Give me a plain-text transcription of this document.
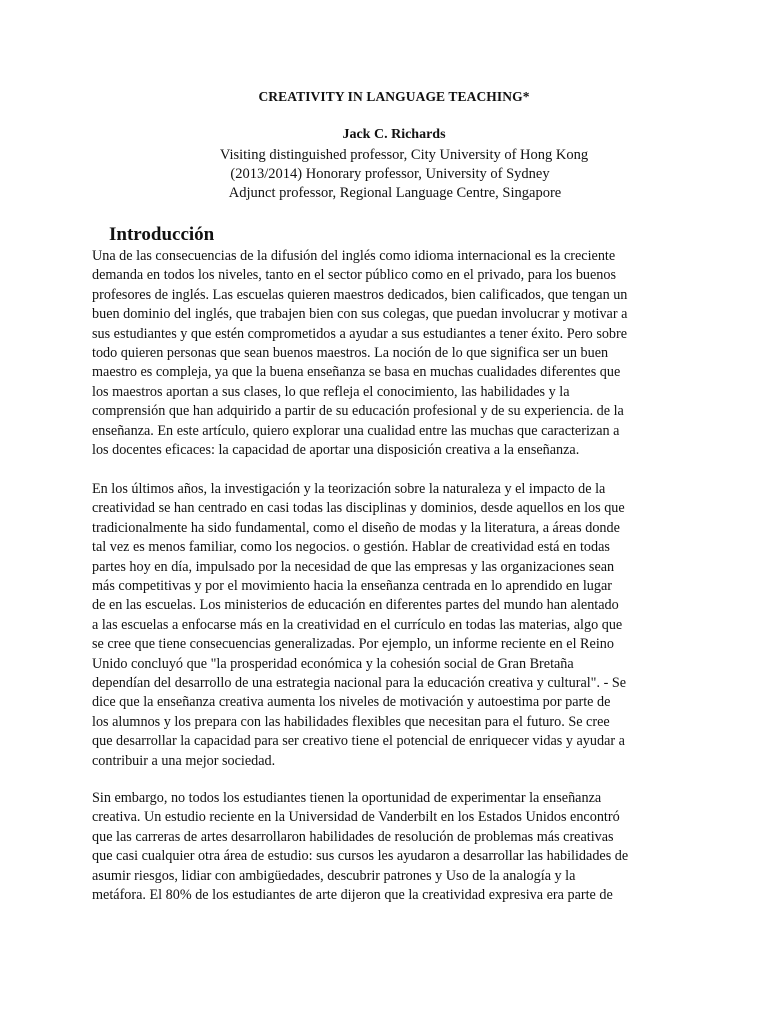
CREATIVITY IN LANGUAGE TEACHING*
Jack C. Richards
Visiting distinguished professor, City University of Hong Kong
(2013/2014) Honorary professor, University of Sydney
Adjunct professor, Regional Language Centre, Singapore
Introducción
Una de las consecuencias de la difusión del inglés como idioma internacional es la creciente
demanda en todos los niveles, tanto en el sector público como en el privado, para los buenos
profesores de inglés. Las escuelas quieren maestros dedicados, bien calificados, que tengan un
buen dominio del inglés, que trabajen bien con sus colegas, que puedan involucrar y motivar a
sus estudiantes y que estén comprometidos a ayudar a sus estudiantes a tener éxito. Pero sobre
todo quieren personas que sean buenos maestros. La noción de lo que significa ser un buen
maestro es compleja, ya que la buena enseñanza se basa en muchas cualidades diferentes que
los maestros aportan a sus clases, lo que refleja el conocimiento, las habilidades y la
comprensión que han adquirido a partir de su educación profesional y de su experiencia. de la
enseñanza. En este artículo, quiero explorar una cualidad entre las muchas que caracterizan a
los docentes eficaces: la capacidad de aportar una disposición creativa a la enseñanza.
En los últimos años, la investigación y la teorización sobre la naturaleza y el impacto de la
creatividad se han centrado en casi todas las disciplinas y dominios, desde aquellos en los que
tradicionalmente ha sido fundamental, como el diseño de modas y la literatura, a áreas donde
tal vez es menos familiar, como los negocios. o gestión. Hablar de creatividad está en todas
partes hoy en día, impulsado por la necesidad de que las empresas y las organizaciones sean
más competitivas y por el movimiento hacia la enseñanza centrada en lo aprendido en lugar
de en las escuelas. Los ministerios de educación en diferentes partes del mundo han alentado
a las escuelas a enfocarse más en la creatividad en el currículo en todas las materias, algo que
se cree que tiene consecuencias generalizadas. Por ejemplo, un informe reciente en el Reino
Unido concluyó que "la prosperidad económica y la cohesión social de Gran Bretaña
dependían del desarrollo de una estrategia nacional para la educación creativa y cultural". - Se
dice que la enseñanza creativa aumenta los niveles de motivación y autoestima por parte de
los alumnos y los prepara con las habilidades flexibles que necesitan para el futuro. Se cree
que desarrollar la capacidad para ser creativo tiene el potencial de enriquecer vidas y ayudar a
contribuir a una mejor sociedad.
Sin embargo, no todos los estudiantes tienen la oportunidad de experimentar la enseñanza
creativa. Un estudio reciente en la Universidad de Vanderbilt en los Estados Unidos encontró
que las carreras de artes desarrollaron habilidades de resolución de problemas más creativas
que casi cualquier otra área de estudio: sus cursos les ayudaron a desarrollar las habilidades de
asumir riesgos, lidiar con ambigüedades, descubrir patrones y Uso de la analogía y la
metáfora. El 80% de los estudiantes de arte dijeron que la creatividad expresiva era parte de
